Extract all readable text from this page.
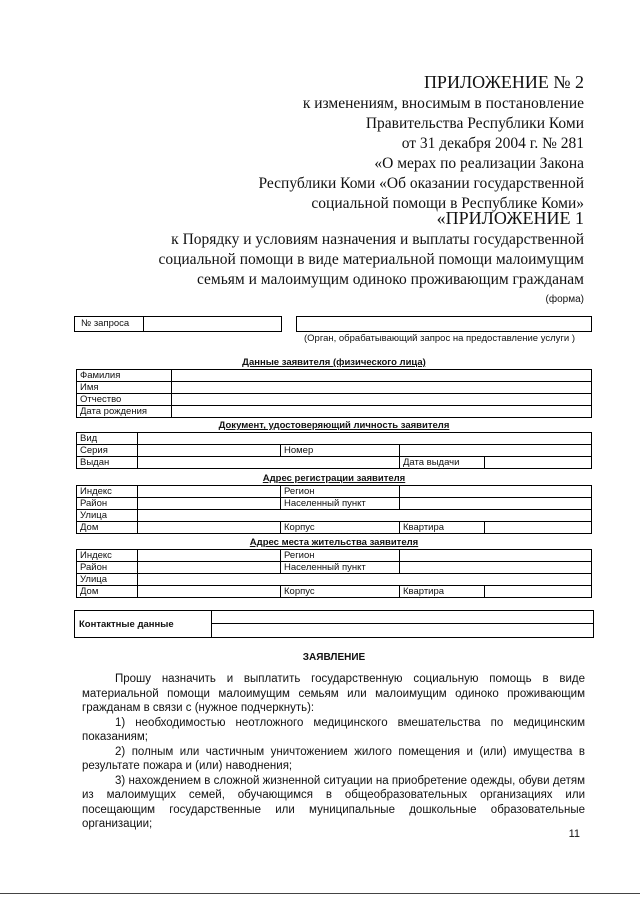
ПРИЛОЖЕНИЕ № 2
к изменениям, вносимым в постановление
Правительства Республики Коми
от 31 декабря 2004 г. № 281
«О мерах по реализации Закона
Республики Коми «Об оказании государственной
социальной помощи в Республике Коми»
«ПРИЛОЖЕНИЕ 1
к Порядку и условиям назначения и выплаты государственной
социальной помощи в виде материальной помощи малоимущим
семьям и малоимущим одиноко проживающим гражданам
(форма)
№ запроса
(Орган, обрабатывающий запрос на предоставление услуги )
Данные заявителя (физического лица)
Фамилия	
Имя	
Отчество	
Дата рождения	
Документ, удостоверяющий личность заявителя
Вид				
Серия		Номер		
Выдан			Дата выдачи	
Адрес регистрации заявителя
Индекс		Регион		
Район		Населенный пункт		
Улица				
Дом		Корпус	Квартира	
Адрес места жительства заявителя
Индекс		Регион		
Район		Населенный пункт		
Улица				
Дом		Корпус	Квартира	
Контактные данные
ЗАЯВЛЕНИЕ

Прошу назначить и выплатить государственную социальную помощь в виде материальной помощи малоимущим семьям или малоимущим одиноко проживающим гражданам в связи с (нужное подчеркнуть):

1) необходимостью неотложного медицинского вмешательства по медицинским показаниям;

2) полным или частичным уничтожением жилого помещения и (или) имущества в результате пожара и (или) наводнения;

3) нахождением в сложной жизненной ситуации на приобретение одежды, обуви детям из малоимущих семей, обучающимся в общеобразовательных организациях или посещающим государственные или муниципальные дошкольные образовательные организации;

11
